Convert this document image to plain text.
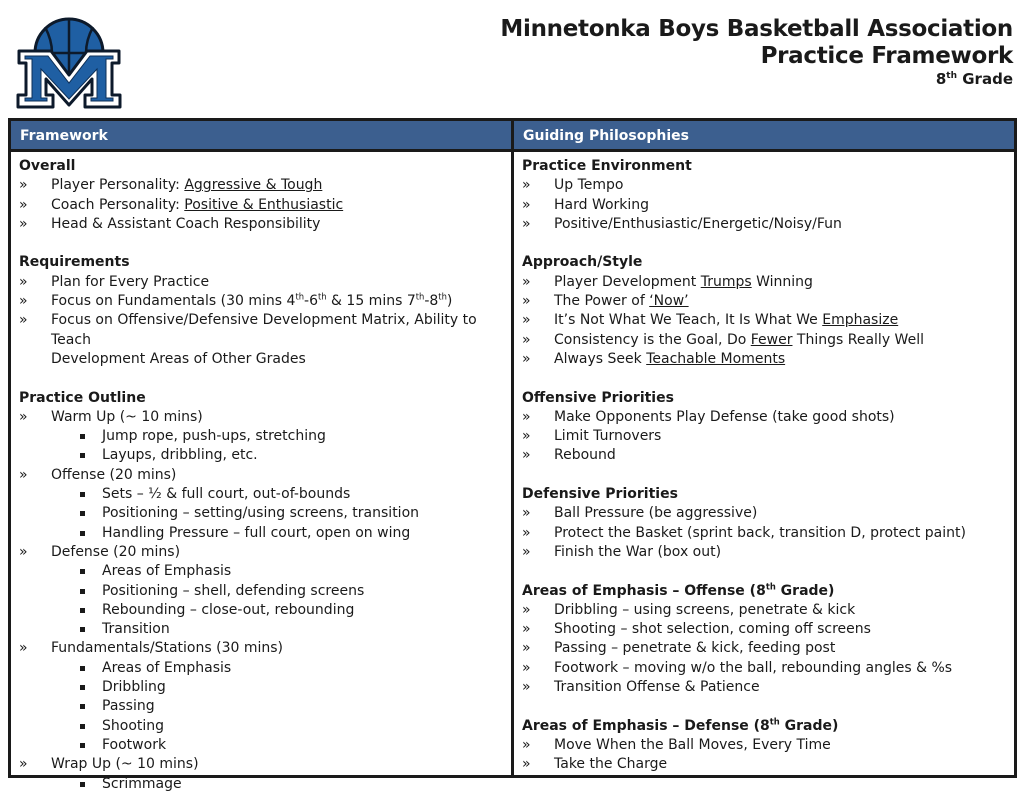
Minnetonka Boys Basketball Association
Practice Framework
8th Grade
Framework
Overall
»	Player Personality: Aggressive & Tough
»	Coach Personality: Positive & Enthusiastic
»	Head & Assistant Coach Responsibility
Requirements
»	Plan for Every Practice
»	Focus on Fundamentals (30 mins 4th-6th & 15 mins 7th-8th)
»	Focus on Offensive/Defensive Development Matrix, Ability to Teach
Development Areas of Other Grades
Practice Outline
»	Warm Up (~ 10 mins)
Jump rope, push-ups, stretching
Layups, dribbling, etc.
»	Offense (20 mins)
Sets – ½ & full court, out-of-bounds
Positioning – setting/using screens, transition
Handling Pressure – full court, open on wing
»	Defense (20 mins)
Areas of Emphasis
Positioning – shell, defending screens
Rebounding – close-out, rebounding
Transition
»	Fundamentals/Stations (30 mins)
Areas of Emphasis
Dribbling
Passing
Shooting
Footwork
»	Wrap Up (~ 10 mins)
Scrimmage
Guiding Philosophies
Practice Environment
»	Up Tempo
»	Hard Working
»	Positive/Enthusiastic/Energetic/Noisy/Fun
Approach/Style
»	Player Development Trumps Winning
»	The Power of ‘Now’
»	It’s Not What We Teach, It Is What We Emphasize
»	Consistency is the Goal, Do Fewer Things Really Well
»	Always Seek Teachable Moments
Offensive Priorities
»	Make Opponents Play Defense (take good shots)
»	Limit Turnovers
»	Rebound
Defensive Priorities
»	Ball Pressure (be aggressive)
»	Protect the Basket (sprint back, transition D, protect paint)
»	Finish the War (box out)
Areas of Emphasis – Offense (8th Grade)
»	Dribbling – using screens, penetrate & kick
»	Shooting – shot selection, coming off screens
»	Passing – penetrate & kick, feeding post
»	Footwork – moving w/o the ball, rebounding angles & %s
»	Transition Offense & Patience
Areas of Emphasis – Defense (8th Grade)
»	Move When the Ball Moves, Every Time
»	Take the Charge
